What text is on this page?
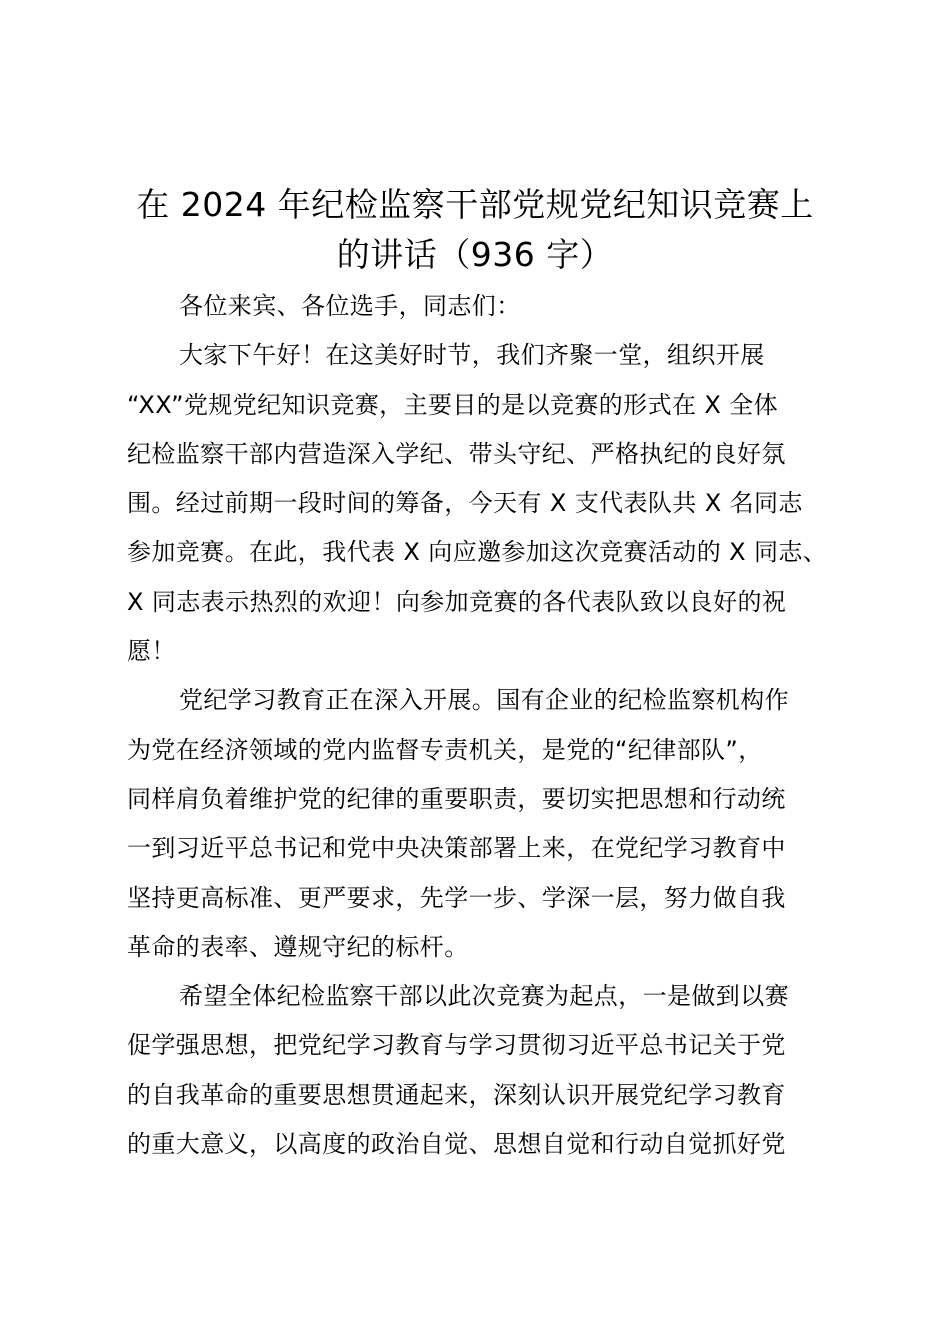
在 2024 年纪检监察干部党规党纪知识竞赛上
的讲话（936 字）
各位来宾、各位选手，同志们：
大家下午好！在这美好时节，我们齐聚一堂，组织开展
“XX”党规党纪知识竞赛，主要目的是以竞赛的形式在 X 全体
纪检监察干部内营造深入学纪、带头守纪、严格执纪的良好氛
围。经过前期一段时间的筹备，今天有 X 支代表队共 X 名同志
参加竞赛。在此，我代表 X 向应邀参加这次竞赛活动的 X 同志、
X 同志表示热烈的欢迎！向参加竞赛的各代表队致以良好的祝
愿！
党纪学习教育正在深入开展。国有企业的纪检监察机构作
为党在经济领域的党内监督专责机关，是党的“纪律部队”，
同样肩负着维护党的纪律的重要职责，要切实把思想和行动统
一到习近平总书记和党中央决策部署上来，在党纪学习教育中
坚持更高标准、更严要求，先学一步、学深一层，努力做自我
革命的表率、遵规守纪的标杆。
希望全体纪检监察干部以此次竞赛为起点，一是做到以赛
促学强思想，把党纪学习教育与学习贯彻习近平总书记关于党
的自我革命的重要思想贯通起来，深刻认识开展党纪学习教育
的重大意义，以高度的政治自觉、思想自觉和行动自觉抓好党
